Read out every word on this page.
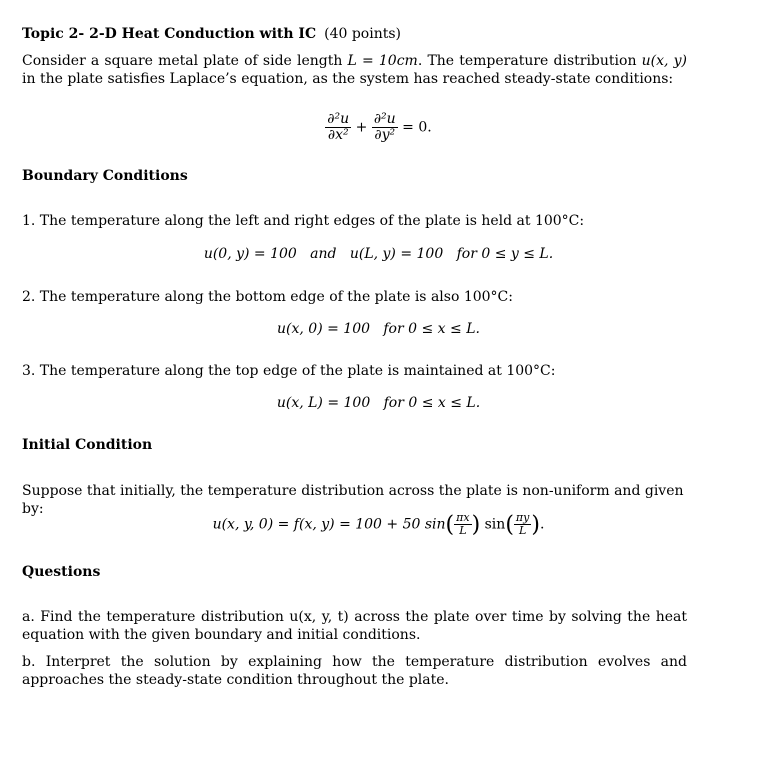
Topic 2- 2-D Heat Conduction with IC (40 points)
Consider a square metal plate of side length L = 10cm. The temperature distribution u(x, y) in the plate satisfies Laplace’s equation, as the system has reached steady-state conditions:
$\frac{\text{∂²u}}{\text{∂x²}} + \frac{\text{∂²u}}{\text{∂y²}} = 0$.
Boundary Conditions
1. The temperature along the left and right edges of the plate is held at 100°C:
u(0, y) = 100   and   u(L, y) = 100   for 0 ≤ y ≤ L.
2. The temperature along the bottom edge of the plate is also 100°C:
u(x, 0) = 100   for 0 ≤ x ≤ L.
3. The temperature along the top edge of the plate is maintained at 100°C:
u(x, L) = 100   for 0 ≤ x ≤ L.
Initial Condition
Suppose that initially, the temperature distribution across the plate is non-uniform and given by:
u(x, y, 0) = f(x, y) = 100 + 50 $\sin( \frac{\pi x}{L}$ ) $\sin( \frac{\pi y}{L}$ ).
Questions
a. Find the temperature distribution u(x, y, t) across the plate over time by solving the heat equation with the given boundary and initial conditions.
b. Interpret the solution by explaining how the temperature distribution evolves and approaches the steady-state condition throughout the plate.
